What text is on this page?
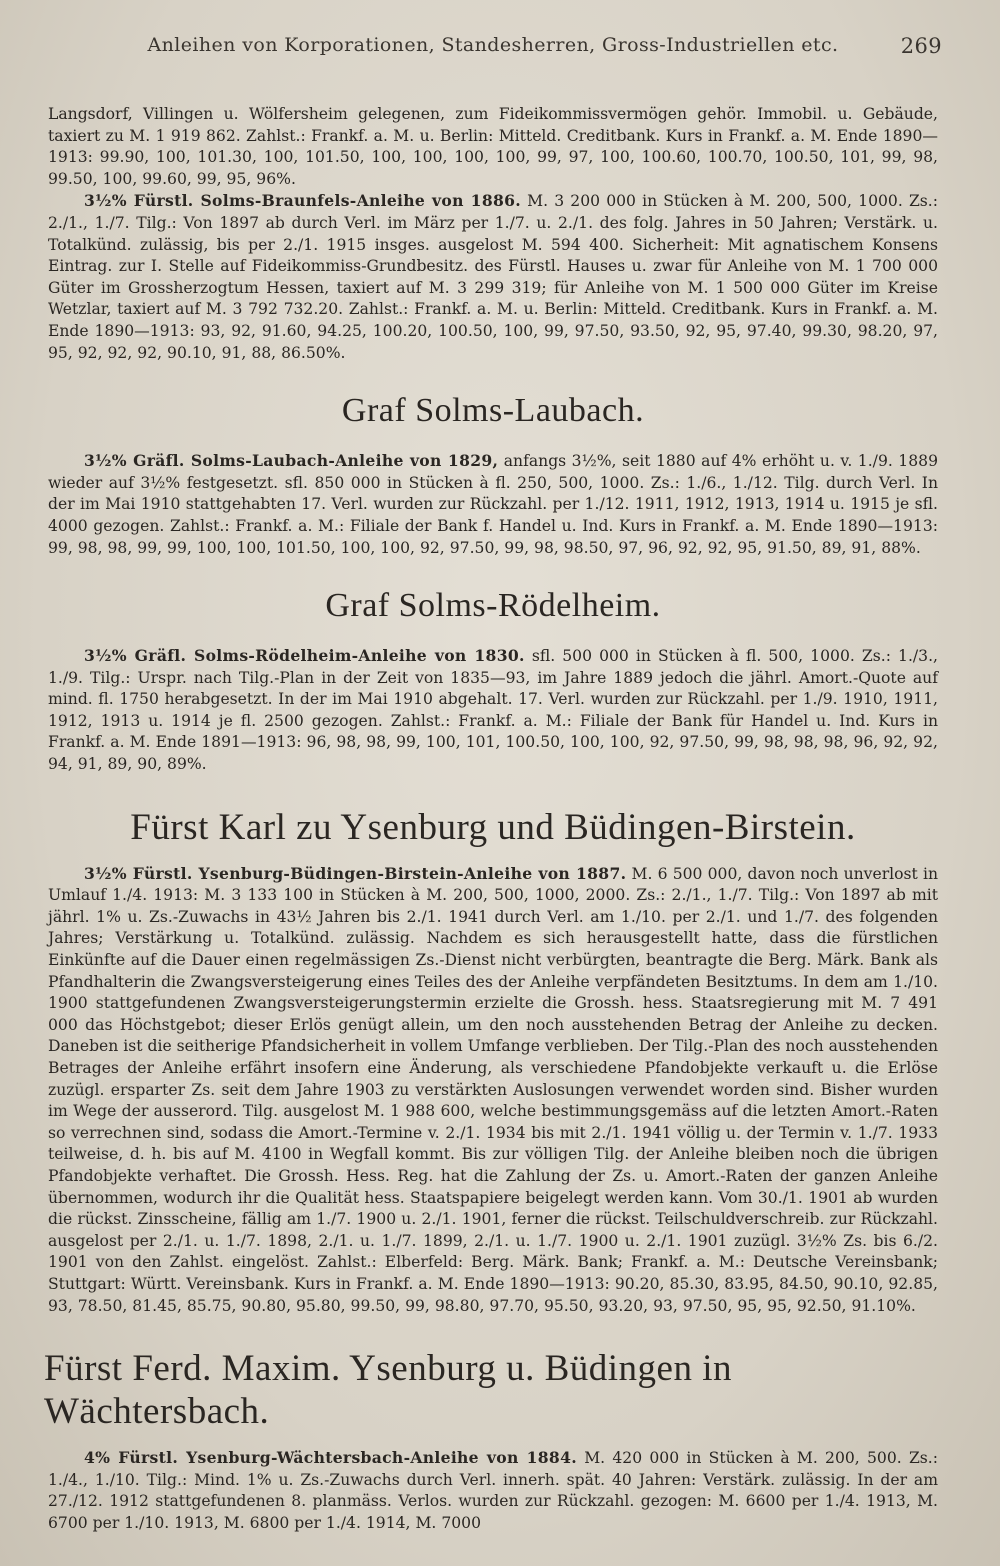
Anleihen von Korporationen, Standesherren, Gross-Industriellen etc.	269

Langsdorf, Villingen u. Wölfersheim gelegenen, zum Fideikommissvermögen gehör. Immobil. u. Gebäude, taxiert zu M. 1 919 862. Zahlst.: Frankf. a. M. u. Berlin: Mitteld. Creditbank. Kurs in Frankf. a. M. Ende 1890—1913: 99.90, 100, 101.30, 100, 101.50, 100, 100, 100, 100, 99, 97, 100, 100.60, 100.70, 100.50, 101, 99, 98, 99.50, 100, 99.60, 99, 95, 96%.

3½% Fürstl. Solms-Braunfels-Anleihe von 1886. M. 3 200 000 in Stücken à M. 200, 500, 1000. Zs.: 2./1., 1./7. Tilg.: Von 1897 ab durch Verl. im März per 1./7. u. 2./1. des folg. Jahres in 50 Jahren; Verstärk. u. Totalkünd. zulässig, bis per 2./1. 1915 insges. ausgelost M. 594 400. Sicherheit: Mit agnatischem Konsens Eintrag. zur I. Stelle auf Fideikommiss-Grundbesitz. des Fürstl. Hauses u. zwar für Anleihe von M. 1 700 000 Güter im Grossherzogtum Hessen, taxiert auf M. 3 299 319; für Anleihe von M. 1 500 000 Güter im Kreise Wetzlar, taxiert auf M. 3 792 732.20. Zahlst.: Frankf. a. M. u. Berlin: Mitteld. Creditbank. Kurs in Frankf. a. M. Ende 1890—1913: 93, 92, 91.60, 94.25, 100.20, 100.50, 100, 99, 97.50, 93.50, 92, 95, 97.40, 99.30, 98.20, 97, 95, 92, 92, 92, 90.10, 91, 88, 86.50%.

Graf Solms-Laubach.

3½% Gräfl. Solms-Laubach-Anleihe von 1829, anfangs 3½%, seit 1880 auf 4% erhöht u. v. 1./9. 1889 wieder auf 3½% festgesetzt. sfl. 850 000 in Stücken à fl. 250, 500, 1000. Zs.: 1./6., 1./12. Tilg. durch Verl. In der im Mai 1910 stattgehabten 17. Verl. wurden zur Rückzahl. per 1./12. 1911, 1912, 1913, 1914 u. 1915 je sfl. 4000 gezogen. Zahlst.: Frankf. a. M.: Filiale der Bank f. Handel u. Ind. Kurs in Frankf. a. M. Ende 1890—1913: 99, 98, 98, 99, 99, 100, 100, 101.50, 100, 100, 92, 97.50, 99, 98, 98.50, 97, 96, 92, 92, 95, 91.50, 89, 91, 88%.

Graf Solms-Rödelheim.

3½% Gräfl. Solms-Rödelheim-Anleihe von 1830. sfl. 500 000 in Stücken à fl. 500, 1000. Zs.: 1./3., 1./9. Tilg.: Urspr. nach Tilg.-Plan in der Zeit von 1835—93, im Jahre 1889 jedoch die jährl. Amort.-Quote auf mind. fl. 1750 herabgesetzt. In der im Mai 1910 abgehalt. 17. Verl. wurden zur Rückzahl. per 1./9. 1910, 1911, 1912, 1913 u. 1914 je fl. 2500 gezogen. Zahlst.: Frankf. a. M.: Filiale der Bank für Handel u. Ind. Kurs in Frankf. a. M. Ende 1891—1913: 96, 98, 98, 99, 100, 101, 100.50, 100, 100, 92, 97.50, 99, 98, 98, 98, 96, 92, 92, 94, 91, 89, 90, 89%.

Fürst Karl zu Ysenburg und Büdingen-Birstein.

3½% Fürstl. Ysenburg-Büdingen-Birstein-Anleihe von 1887. M. 6 500 000, davon noch unverlost in Umlauf 1./4. 1913: M. 3 133 100 in Stücken à M. 200, 500, 1000, 2000. Zs.: 2./1., 1./7. Tilg.: Von 1897 ab mit jährl. 1% u. Zs.-Zuwachs in 43½ Jahren bis 2./1. 1941 durch Verl. am 1./10. per 2./1. und 1./7. des folgenden Jahres; Verstärkung u. Totalkünd. zulässig. Nachdem es sich herausgestellt hatte, dass die fürstlichen Einkünfte auf die Dauer einen regelmässigen Zs.-Dienst nicht verbürgten, beantragte die Berg. Märk. Bank als Pfandhalterin die Zwangsversteigerung eines Teiles des der Anleihe verpfändeten Besitztums. In dem am 1./10. 1900 stattgefundenen Zwangsversteigerungstermin erzielte die Grossh. hess. Staatsregierung mit M. 7 491 000 das Höchstgebot; dieser Erlös genügt allein, um den noch ausstehenden Betrag der Anleihe zu decken. Daneben ist die seitherige Pfandsicherheit in vollem Umfange verblieben. Der Tilg.-Plan des noch ausstehenden Betrages der Anleihe erfährt insofern eine Änderung, als verschiedene Pfandobjekte verkauft u. die Erlöse zuzügl. ersparter Zs. seit dem Jahre 1903 zu verstärkten Auslosungen verwendet worden sind. Bisher wurden im Wege der ausserord. Tilg. ausgelost M. 1 988 600, welche bestimmungsgemäss auf die letzten Amort.-Raten so verrechnen sind, sodass die Amort.-Termine v. 2./1. 1934 bis mit 2./1. 1941 völlig u. der Termin v. 1./7. 1933 teilweise, d. h. bis auf M. 4100 in Wegfall kommt. Bis zur völligen Tilg. der Anleihe bleiben noch die übrigen Pfandobjekte verhaftet. Die Grossh. Hess. Reg. hat die Zahlung der Zs. u. Amort.-Raten der ganzen Anleihe übernommen, wodurch ihr die Qualität hess. Staatspapiere beigelegt werden kann. Vom 30./1. 1901 ab wurden die rückst. Zinsscheine, fällig am 1./7. 1900 u. 2./1. 1901, ferner die rückst. Teilschuldverschreib. zur Rückzahl. ausgelost per 2./1. u. 1./7. 1898, 2./1. u. 1./7. 1899, 2./1. u. 1./7. 1900 u. 2./1. 1901 zuzügl. 3½% Zs. bis 6./2. 1901 von den Zahlst. eingelöst. Zahlst.: Elberfeld: Berg. Märk. Bank; Frankf. a. M.: Deutsche Vereinsbank; Stuttgart: Württ. Vereinsbank. Kurs in Frankf. a. M. Ende 1890—1913: 90.20, 85.30, 83.95, 84.50, 90.10, 92.85, 93, 78.50, 81.45, 85.75, 90.80, 95.80, 99.50, 99, 98.80, 97.70, 95.50, 93.20, 93, 97.50, 95, 95, 92.50, 91.10%.

Fürst Ferd. Maxim. Ysenburg u. Büdingen in Wächtersbach.

4% Fürstl. Ysenburg-Wächtersbach-Anleihe von 1884. M. 420 000 in Stücken à M. 200, 500. Zs.: 1./4., 1./10. Tilg.: Mind. 1% u. Zs.-Zuwachs durch Verl. innerh. spät. 40 Jahren: Verstärk. zulässig. In der am 27./12. 1912 stattgefundenen 8. planmäss. Verlos. wurden zur Rückzahl. gezogen: M. 6600 per 1./4. 1913, M. 6700 per 1./10. 1913, M. 6800 per 1./4. 1914, M. 7000
